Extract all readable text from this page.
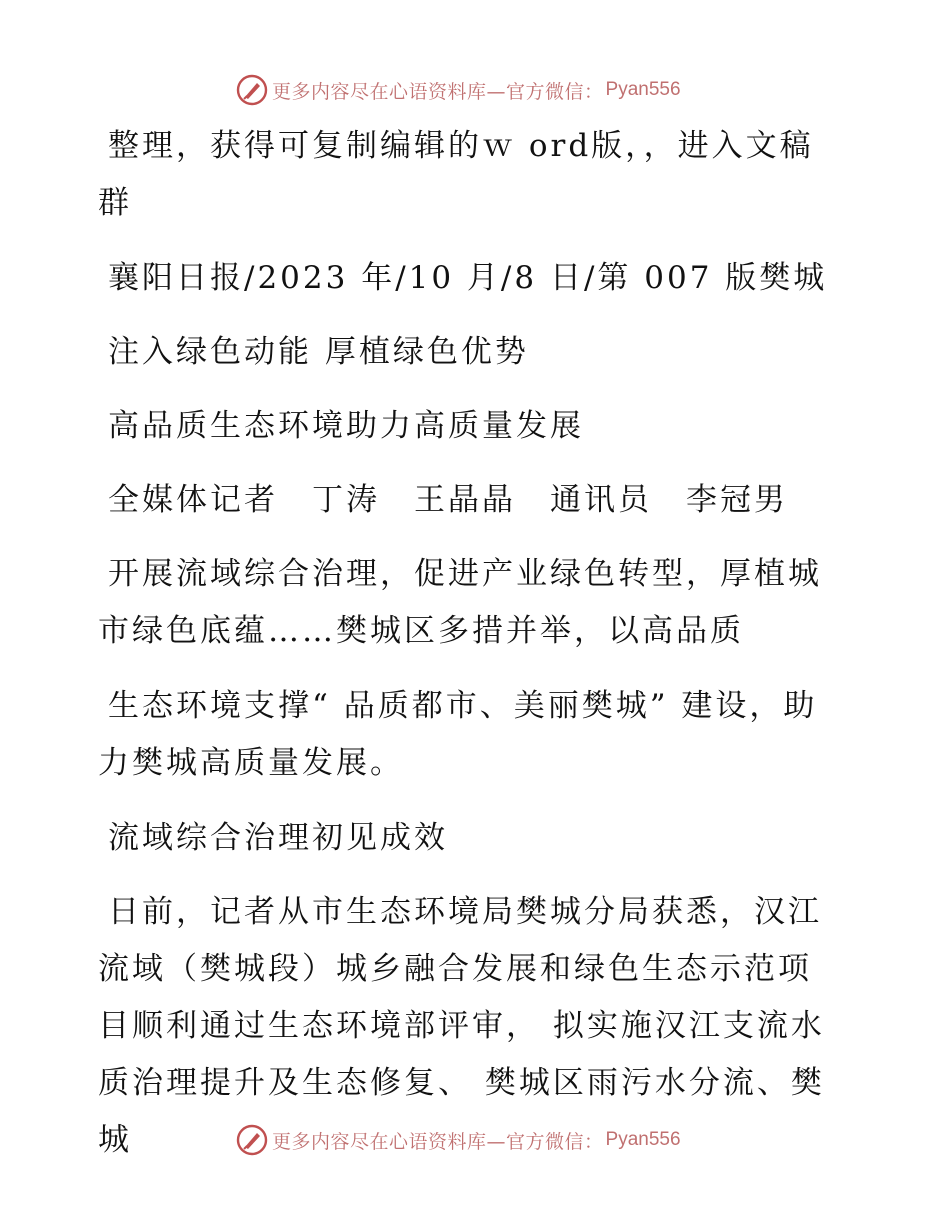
更多内容尽在心语资料库—官方微信： Pyan556

整理，获得可复制编辑的ｗ ord版，，进入文稿群

襄阳日报/2023 年/10 月/8 日/第 007 版樊城

注入绿色动能 厚植绿色优势

高品质生态环境助力高质量发展

全媒体记者　丁涛　王晶晶　通讯员　李冠男

开展流域综合治理，促进产业绿色转型，厚植城市绿色底蕴……樊城区多措并举，以高品质

生态环境支撑“ 品质都市、美丽樊城” 建设，助力樊城高质量发展。

流域综合治理初见成效

日前，记者从市生态环境局樊城分局获悉，汉江流域（樊城段）城乡融合发展和绿色生态示范项目顺利通过生态环境部评审， 拟实施汉江支流水质治理提升及生态修复、 樊城区雨污水分流、樊城	更多内容尽在心语资料库—官方微信： Pyan556
